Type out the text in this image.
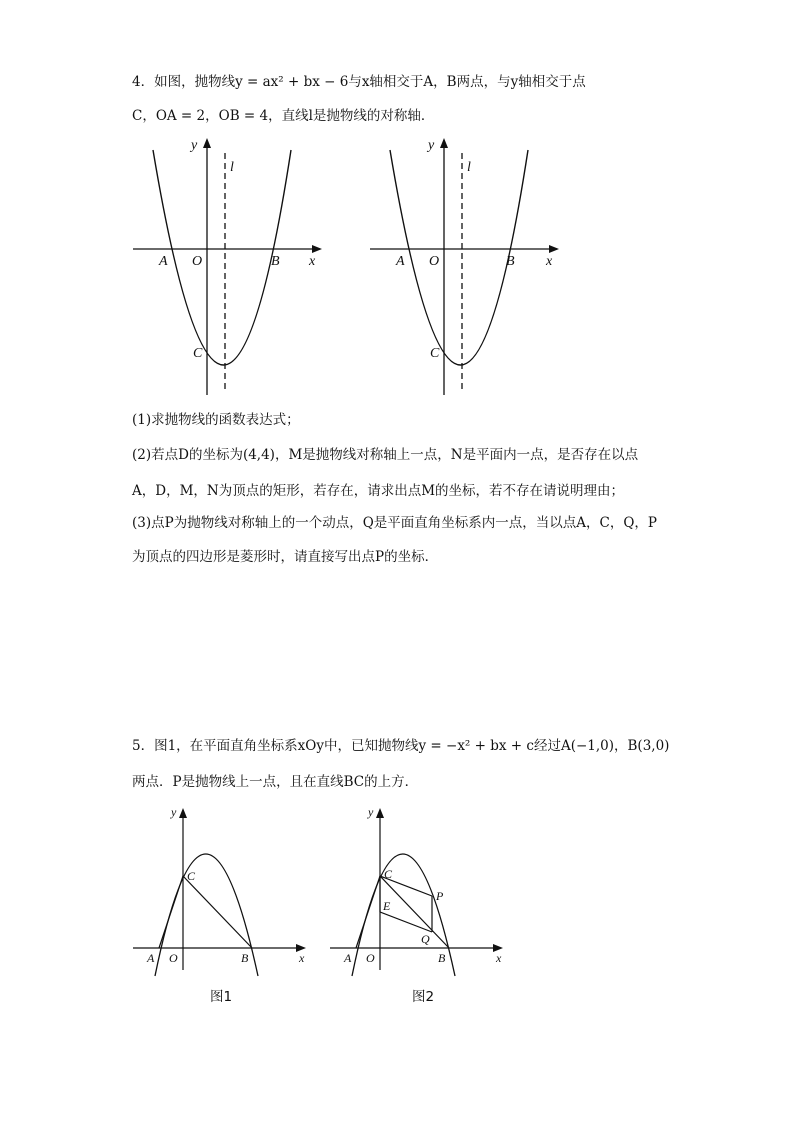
4．如图，抛物线y = ax² + bx − 6与x轴相交于A，B两点，与y轴相交于点
C，OA = 2，OB = 4，直线l是抛物线的对称轴．
y
l
A O	B x
C
y
l
A O	B x
C
(1)求抛物线的函数表达式；
(2)若点D的坐标为(4,4)，M是抛物线对称轴上一点，N是平面内一点，是否存在以点
A，D，M，N为顶点的矩形，若存在，请求出点M的坐标，若不存在请说明理由；
(3)点P为抛物线对称轴上的一个动点，Q是平面直角坐标系内一点，当以点A，C，Q，P
为顶点的四边形是菱形时，请直接写出点P的坐标．
5．图1，在平面直角坐标系xOy中，已知抛物线y = −x² + bx + c经过A(−1,0)，B(3,0)
两点．P是抛物线上一点，且在直线BC的上方．
y
C
A O	B	x
图1
y
C
E
P
Q
A O	B	x
图2
